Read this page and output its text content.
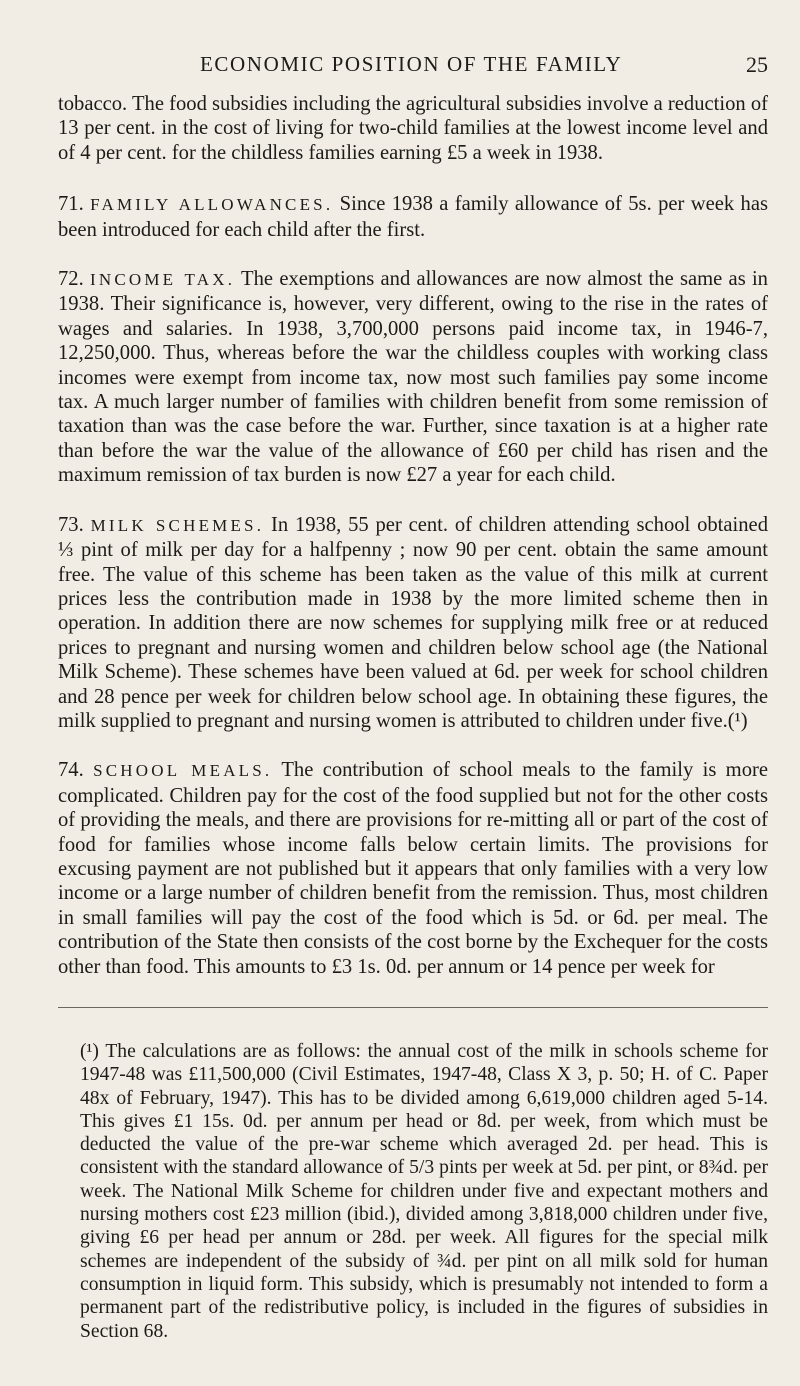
ECONOMIC POSITION OF THE FAMILY	25

tobacco. The food subsidies including the agricultural subsidies involve a reduction of 13 per cent. in the cost of living for two-child families at the lowest income level and of 4 per cent. for the childless families earning £5 a week in 1938.

71. FAMILY ALLOWANCES. Since 1938 a family allowance of 5s. per week has been introduced for each child after the first.

72. INCOME TAX. The exemptions and allowances are now almost the same as in 1938. Their significance is, however, very different, owing to the rise in the rates of wages and salaries. In 1938, 3,700,000 persons paid income tax, in 1946-7, 12,250,000. Thus, whereas before the war the childless couples with working class incomes were exempt from income tax, now most such families pay some income tax. A much larger number of families with children benefit from some remission of taxation than was the case before the war. Further, since taxation is at a higher rate than before the war the value of the allowance of £60 per child has risen and the maximum remission of tax burden is now £27 a year for each child.

73. MILK SCHEMES. In 1938, 55 per cent. of children attending school obtained ⅓ pint of milk per day for a halfpenny ; now 90 per cent. obtain the same amount free. The value of this scheme has been taken as the value of this milk at current prices less the contribution made in 1938 by the more limited scheme then in operation. In addition there are now schemes for supplying milk free or at reduced prices to pregnant and nursing women and children below school age (the National Milk Scheme). These schemes have been valued at 6d. per week for school children and 28 pence per week for children below school age. In obtaining these figures, the milk supplied to pregnant and nursing women is attributed to children under five.(¹)

74. SCHOOL MEALS. The contribution of school meals to the family is more complicated. Children pay for the cost of the food supplied but not for the other costs of providing the meals, and there are provisions for re-mitting all or part of the cost of food for families whose income falls below certain limits. The provisions for excusing payment are not published but it appears that only families with a very low income or a large number of children benefit from the remission. Thus, most children in small families will pay the cost of the food which is 5d. or 6d. per meal. The contribution of the State then consists of the cost borne by the Exchequer for the costs other than food. This amounts to £3 1s. 0d. per annum or 14 pence per week for

(¹) The calculations are as follows: the annual cost of the milk in schools scheme for 1947-48 was £11,500,000 (Civil Estimates, 1947-48, Class X 3, p. 50; H. of C. Paper 48x of February, 1947). This has to be divided among 6,619,000 children aged 5-14. This gives £1 15s. 0d. per annum per head or 8d. per week, from which must be deducted the value of the pre-war scheme which averaged 2d. per head. This is consistent with the standard allowance of 5/3 pints per week at 5d. per pint, or 8¾d. per week. The National Milk Scheme for children under five and expectant mothers and nursing mothers cost £23 million (ibid.), divided among 3,818,000 children under five, giving £6 per head per annum or 28d. per week. All figures for the special milk schemes are independent of the subsidy of ¾d. per pint on all milk sold for human consumption in liquid form. This subsidy, which is presumably not intended to form a permanent part of the redistributive policy, is included in the figures of subsidies in Section 68.
